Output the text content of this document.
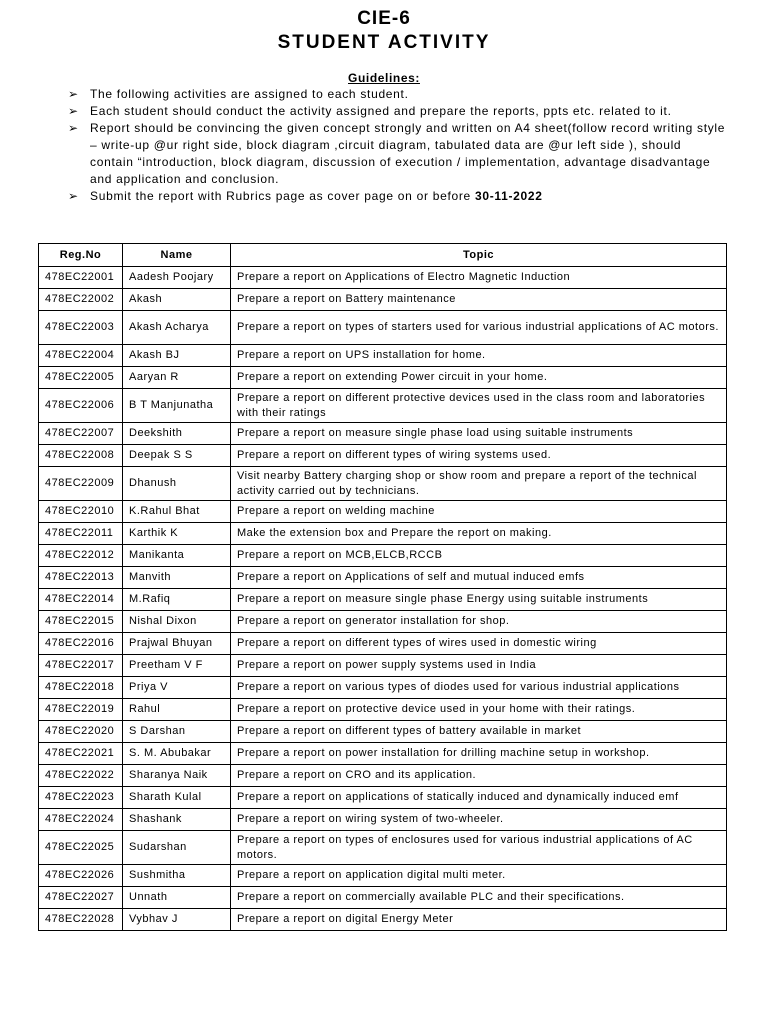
CIE-6
STUDENT ACTIVITY
Guidelines:
➢ The following activities are assigned to each student.
➢ Each student should conduct the activity assigned and prepare the reports, ppts etc. related to it.
➢ Report should be convincing the given concept strongly and written on A4 sheet(follow record writing style – write-up @ur right side, block diagram ,circuit diagram, tabulated data are @ur left side ), should contain “introduction, block diagram, discussion of execution / implementation, advantage disadvantage and application and conclusion.
➢ Submit the report with Rubrics page as cover page on or before 30-11-2022
Reg.No	Name	Topic
478EC22001	Aadesh Poojary	Prepare a report on Applications of Electro Magnetic Induction
478EC22002	Akash	Prepare a report on Battery maintenance
478EC22003	Akash Acharya	Prepare a report on types of starters used for various industrial applications of AC motors.
478EC22004	Akash BJ	Prepare a report on UPS installation for home.
478EC22005	Aaryan R	Prepare a report on extending Power circuit in your home.
478EC22006	B T Manjunatha	Prepare a report on different protective devices used in the class room and laboratories with their ratings
478EC22007	Deekshith	Prepare a report on measure single phase load using suitable instruments
478EC22008	Deepak S S	Prepare a report on different types of wiring systems used.
478EC22009	Dhanush	Visit nearby Battery charging shop or show room and prepare a report of the technical activity carried out by technicians.
478EC22010	K.Rahul Bhat	Prepare a report on welding machine
478EC22011	Karthik K	Make the extension box and Prepare the report on making.
478EC22012	Manikanta	Prepare a report on MCB,ELCB,RCCB
478EC22013	Manvith	Prepare a report on Applications of self and mutual induced emfs
478EC22014	M.Rafiq	Prepare a report on measure single phase Energy using suitable instruments
478EC22015	Nishal Dixon	Prepare a report on generator installation for shop.
478EC22016	Prajwal Bhuyan	Prepare a report on different types of wires used in domestic wiring
478EC22017	Preetham V F	Prepare a report on power supply systems used in India
478EC22018	Priya V	Prepare a report on various types of diodes used for various industrial applications
478EC22019	Rahul	Prepare a report on protective device used in your home with their ratings.
478EC22020	S Darshan	Prepare a report on different types of battery available in market
478EC22021	S. M. Abubakar	Prepare a report on power installation for drilling machine setup in workshop.
478EC22022	Sharanya Naik	Prepare a report on CRO and its application.
478EC22023	Sharath Kulal	Prepare a report on applications of statically induced and dynamically induced emf
478EC22024	Shashank	Prepare a report on wiring system of two-wheeler.
478EC22025	Sudarshan	Prepare a report on types of enclosures used for various industrial applications of AC motors.
478EC22026	Sushmitha	Prepare a report on application digital multi meter.
478EC22027	Unnath	Prepare a report on commercially available PLC and their specifications.
478EC22028	Vybhav J	Prepare a report on digital Energy Meter
